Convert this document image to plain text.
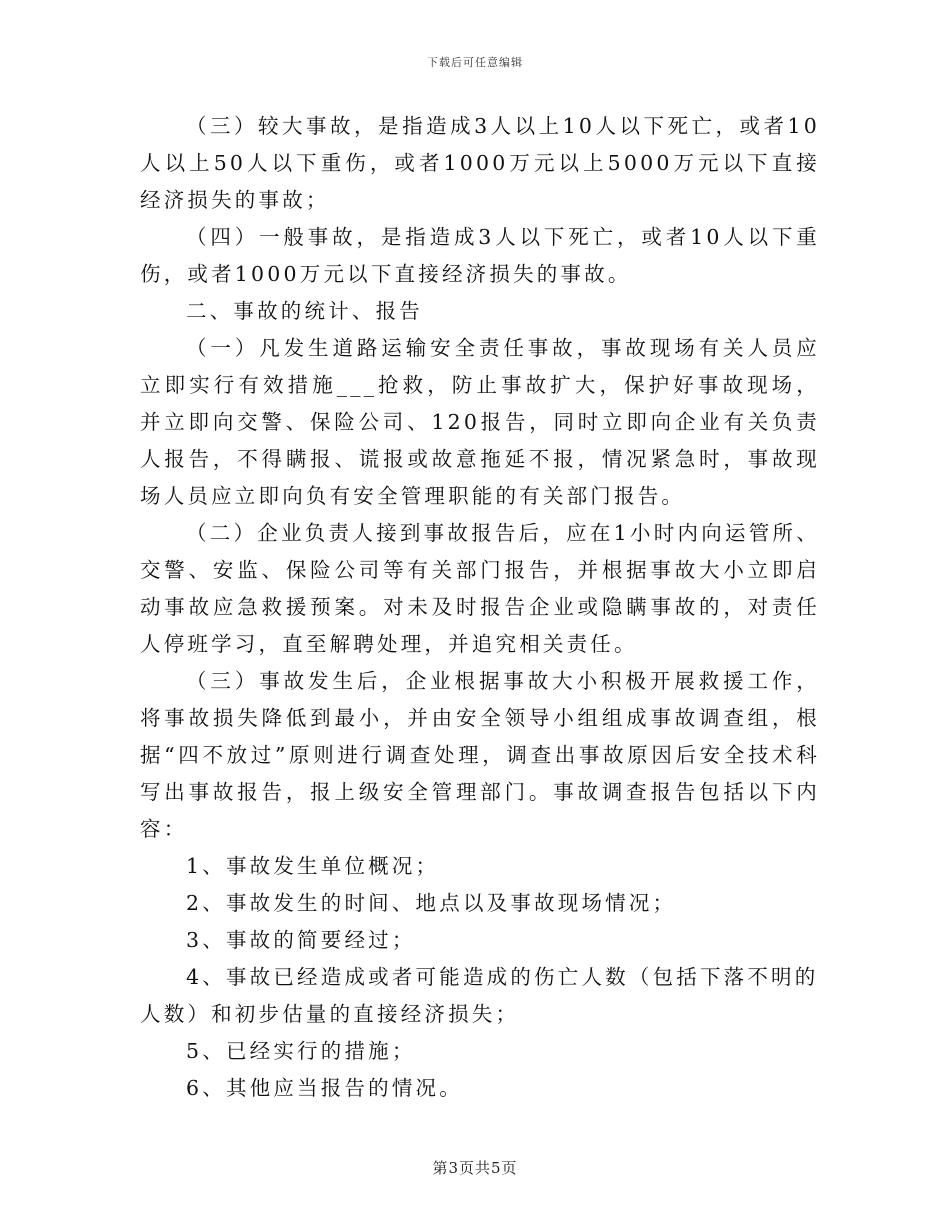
下载后可任意编辑

（三）较大事故，是指造成3人以上10人以下死亡，或者10人以上50人以下重伤，或者1000万元以上5000万元以下直接经济损失的事故；

（四）一般事故，是指造成3人以下死亡，或者10人以下重伤，或者1000万元以下直接经济损失的事故。

二、事故的统计、报告

（一）凡发生道路运输安全责任事故，事故现场有关人员应立即实行有效措施___抢救，防止事故扩大，保护好事故现场，并立即向交警、保险公司、120报告，同时立即向企业有关负责人报告，不得瞒报、谎报或故意拖延不报，情况紧急时，事故现场人员应立即向负有安全管理职能的有关部门报告。

（二）企业负责人接到事故报告后，应在1小时内向运管所、交警、安监、保险公司等有关部门报告，并根据事故大小立即启动事故应急救援预案。对未及时报告企业或隐瞒事故的，对责任人停班学习，直至解聘处理，并追究相关责任。

（三）事故发生后，企业根据事故大小积极开展救援工作，将事故损失降低到最小，并由安全领导小组组成事故调查组，根据“四不放过”原则进行调查处理，调查出事故原因后安全技术科写出事故报告，报上级安全管理部门。事故调查报告包括以下内容：

1、事故发生单位概况；

2、事故发生的时间、地点以及事故现场情况；

3、事故的简要经过；

4、事故已经造成或者可能造成的伤亡人数（包括下落不明的人数）和初步估量的直接经济损失；

5、已经实行的措施；

6、其他应当报告的情况。

第3页共5页
